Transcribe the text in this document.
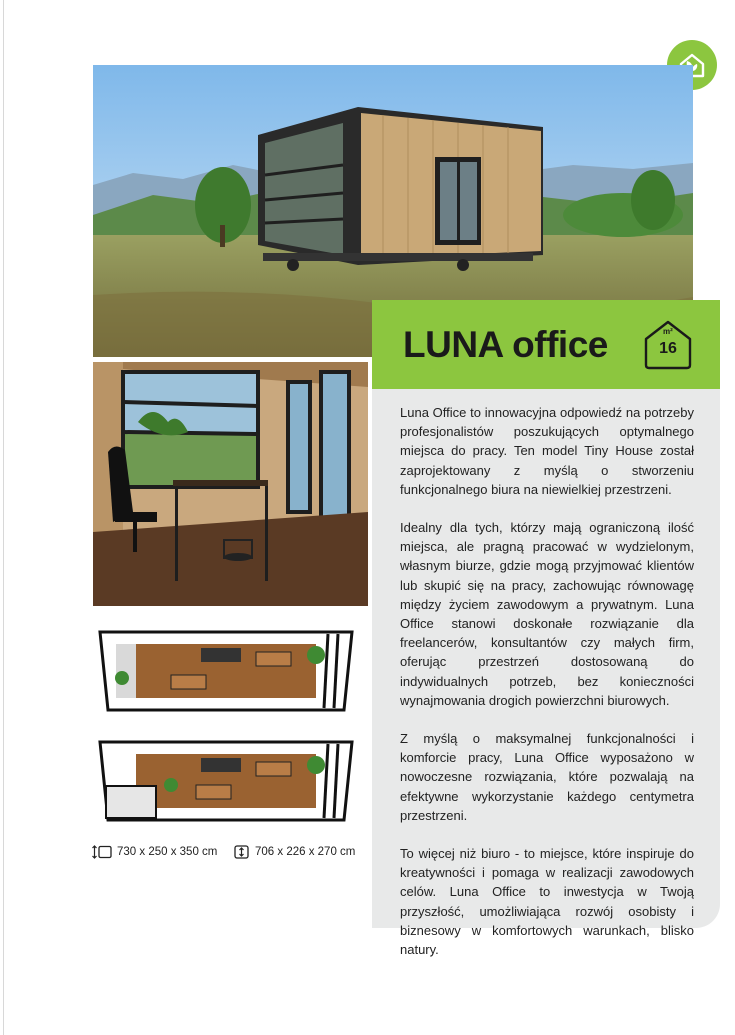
730 x 250 x 350 cm	706 x 226 x 270 cm
LUNA office	m²
16

Luna Office to innowacyjna odpowiedź na potrzeby profesjonalistów poszukujących optymalnego miejsca do pracy. Ten model Tiny House został zaprojektowany z myślą o stworzeniu funkcjonalnego biura na niewielkiej przestrzeni.

Idealny dla tych, którzy mają ograniczoną ilość miejsca, ale pragną pracować w wydzielonym, własnym biurze, gdzie mogą przyjmować klientów lub skupić się na pracy, zachowując równowagę między życiem zawodowym a prywatnym. Luna Office stanowi doskonałe rozwiązanie dla freelancerów, konsultantów czy małych firm, oferując przestrzeń dostosowaną do indywidualnych potrzeb, bez konieczności wynajmowania drogich powierzchni biurowych.

Z myślą o maksymalnej funkcjonalności i komforcie pracy, Luna Office wyposażono w nowoczesne rozwiązania, które pozwalają na efektywne wykorzystanie każdego centymetra przestrzeni.

To więcej niż biuro - to miejsce, które inspiruje do kreatywności i pomaga w realizacji zawodowych celów. Luna Office to inwestycja w Twoją przyszłość, umożliwiająca rozwój osobisty i biznesowy w komfortowych warunkach, blisko natury.
